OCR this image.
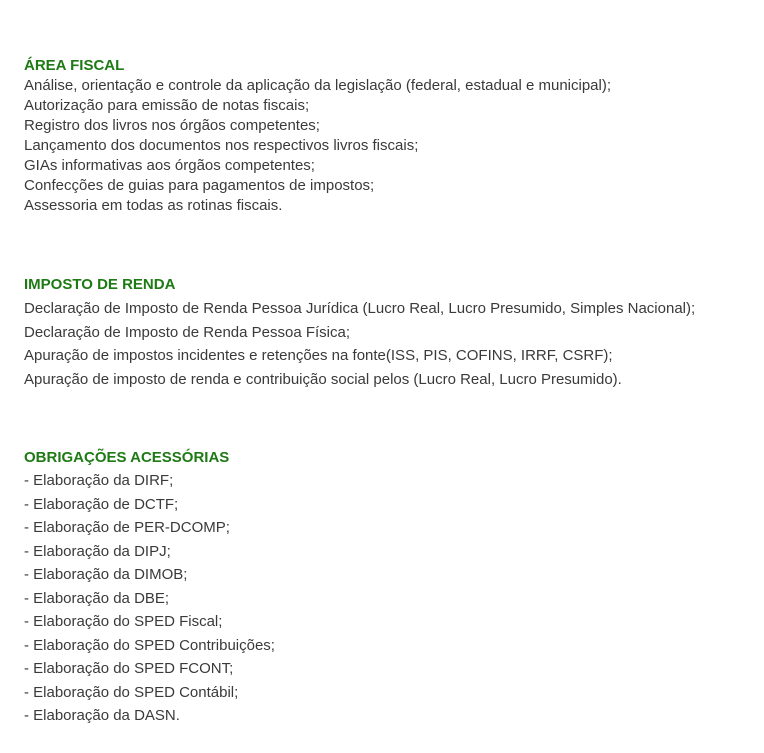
ÁREA FISCAL

Análise, orientação e controle da aplicação da legislação (federal, estadual e municipal);

Autorização para emissão de notas fiscais;

Registro dos livros nos órgãos competentes;

Lançamento dos documentos nos respectivos livros fiscais;

GIAs informativas aos órgãos competentes;

Confecções de guias para pagamentos de impostos;

Assessoria em todas as rotinas fiscais.

IMPOSTO DE RENDA

Declaração de Imposto de Renda Pessoa Jurídica (Lucro Real, Lucro Presumido, Simples Nacional);

Declaração de Imposto de Renda Pessoa Física;

Apuração de impostos incidentes e retenções na fonte(ISS, PIS, COFINS, IRRF, CSRF);

Apuração de imposto de renda e contribuição social pelos (Lucro Real, Lucro Presumido).

OBRIGAÇÕES ACESSÓRIAS

- Elaboração da DIRF;

- Elaboração de DCTF;

- Elaboração de PER-DCOMP;

- Elaboração da DIPJ;

- Elaboração da DIMOB;

- Elaboração da DBE;

- Elaboração do SPED Fiscal;

- Elaboração do SPED Contribuições;

- Elaboração do SPED FCONT;

- Elaboração do SPED Contábil;

- Elaboração da DASN.
